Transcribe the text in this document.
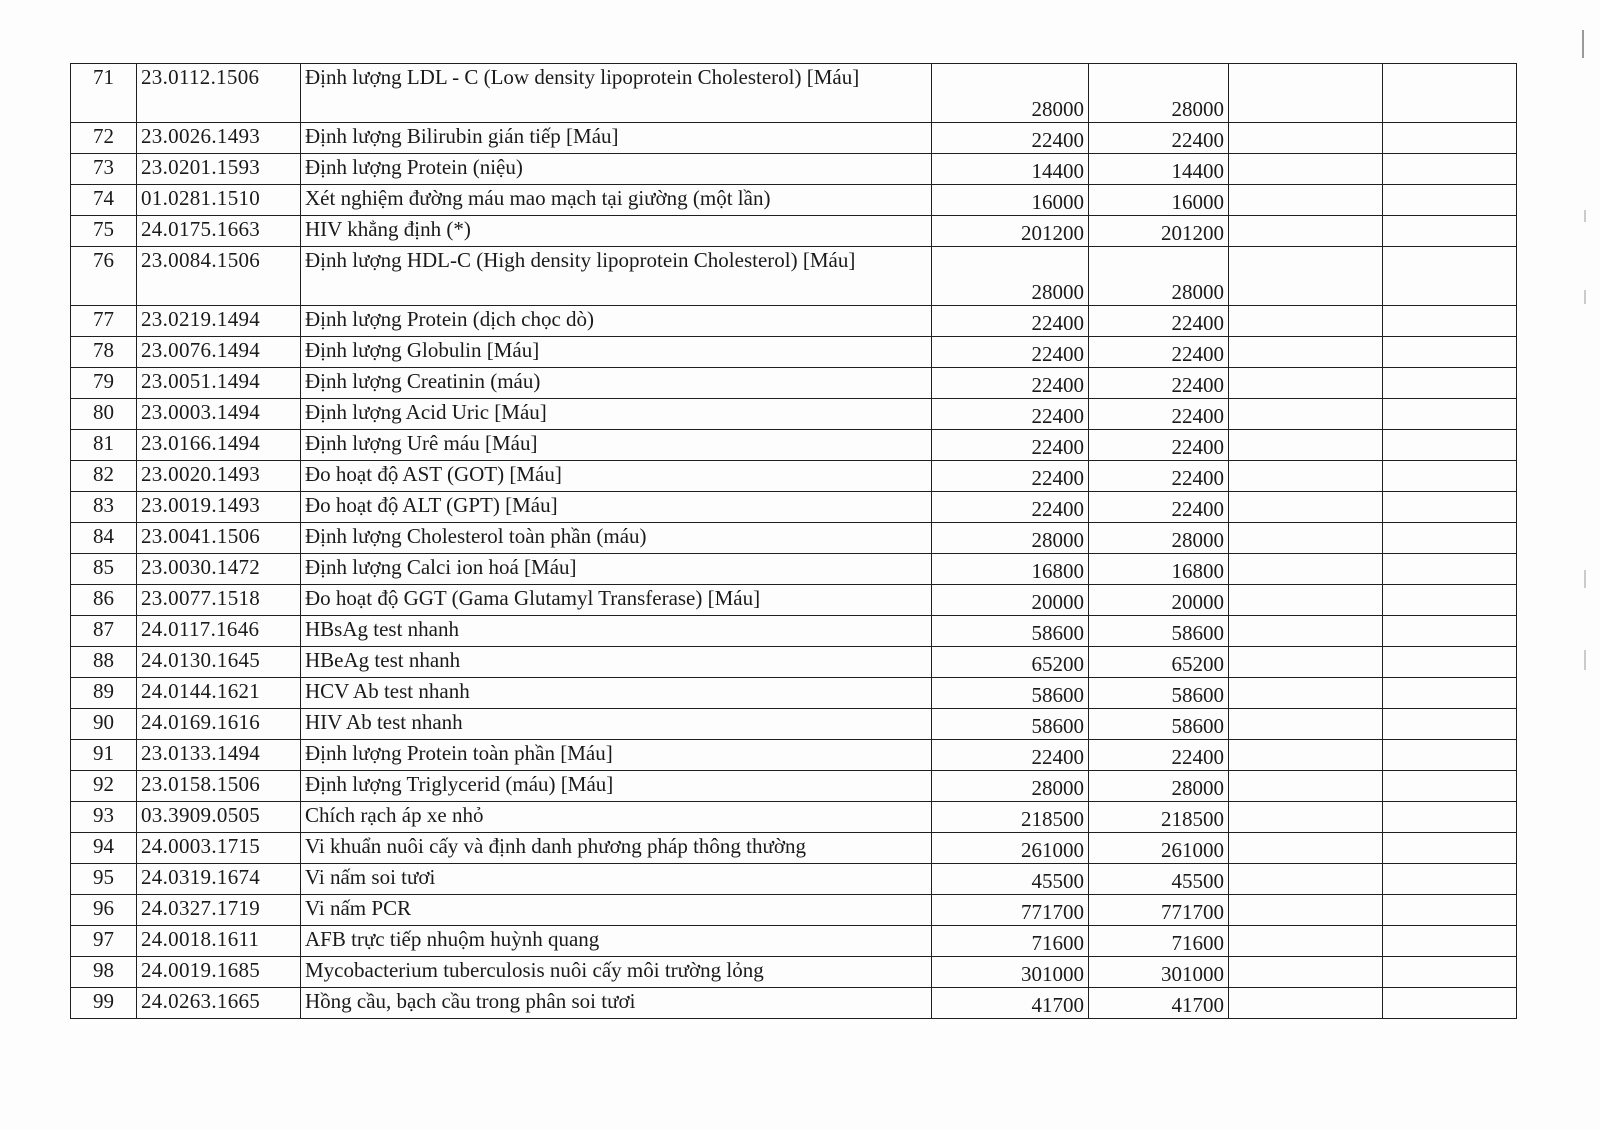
71	23.0112.1506	Định lượng LDL - C (Low density lipoprotein Cholesterol) [Máu]	28000	28000		
72	23.0026.1493	Định lượng Bilirubin gián tiếp [Máu]	22400	22400		
73	23.0201.1593	Định lượng Protein (niệu)	14400	14400		
74	01.0281.1510	Xét nghiệm đường máu mao mạch tại giường (một lần)	16000	16000		
75	24.0175.1663	HIV khẳng định (*)	201200	201200		
76	23.0084.1506	Định lượng HDL-C (High density lipoprotein Cholesterol) [Máu]	28000	28000		
77	23.0219.1494	Định lượng Protein (dịch chọc dò)	22400	22400		
78	23.0076.1494	Định lượng Globulin [Máu]	22400	22400		
79	23.0051.1494	Định lượng Creatinin (máu)	22400	22400		
80	23.0003.1494	Định lượng Acid Uric [Máu]	22400	22400		
81	23.0166.1494	Định lượng Urê máu [Máu]	22400	22400		
82	23.0020.1493	Đo hoạt độ AST (GOT) [Máu]	22400	22400		
83	23.0019.1493	Đo hoạt độ ALT (GPT) [Máu]	22400	22400		
84	23.0041.1506	Định lượng Cholesterol toàn phần (máu)	28000	28000		
85	23.0030.1472	Định lượng Calci ion hoá [Máu]	16800	16800		
86	23.0077.1518	Đo hoạt độ GGT (Gama Glutamyl Transferase) [Máu]	20000	20000		
87	24.0117.1646	HBsAg test nhanh	58600	58600		
88	24.0130.1645	HBeAg test nhanh	65200	65200		
89	24.0144.1621	HCV Ab test nhanh	58600	58600		
90	24.0169.1616	HIV Ab test nhanh	58600	58600		
91	23.0133.1494	Định lượng Protein toàn phần [Máu]	22400	22400		
92	23.0158.1506	Định lượng Triglycerid (máu) [Máu]	28000	28000		
93	03.3909.0505	Chích rạch áp xe nhỏ	218500	218500		
94	24.0003.1715	Vi khuẩn nuôi cấy và định danh phương pháp thông thường	261000	261000		
95	24.0319.1674	Vi nấm soi tươi	45500	45500		
96	24.0327.1719	Vi nấm PCR	771700	771700		
97	24.0018.1611	AFB trực tiếp nhuộm huỳnh quang	71600	71600		
98	24.0019.1685	Mycobacterium tuberculosis nuôi cấy môi trường lỏng	301000	301000		
99	24.0263.1665	Hồng cầu, bạch cầu trong phân soi tươi	41700	41700		
